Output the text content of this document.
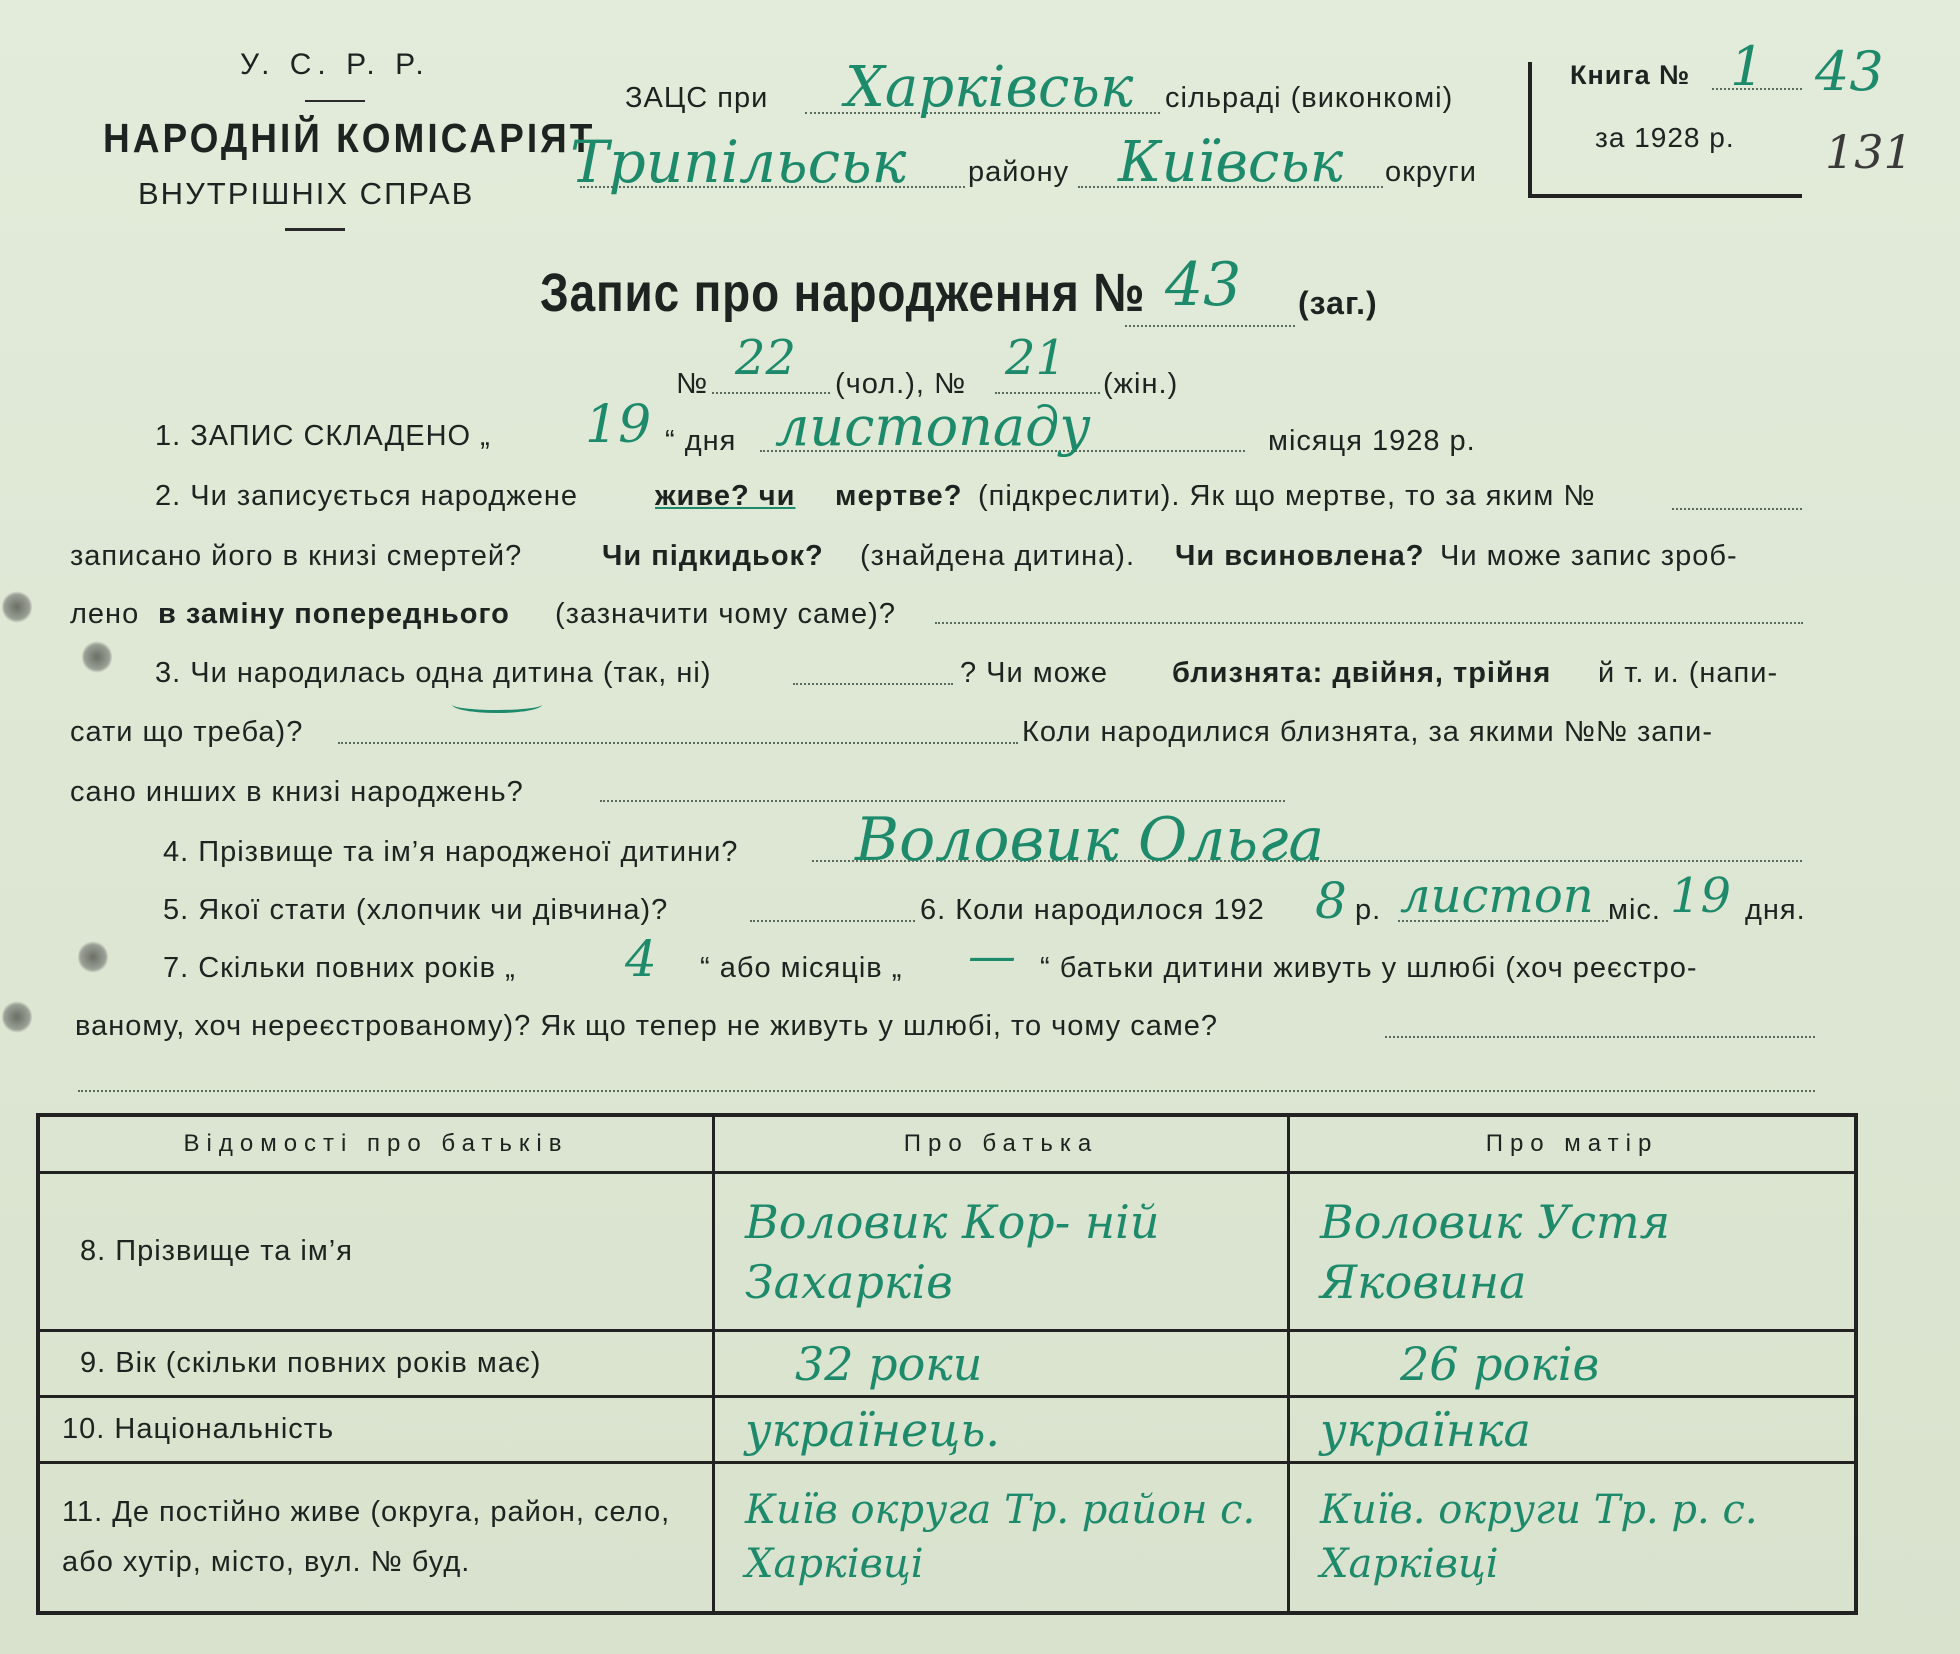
У. С. Р. Р.
НАРОДНІЙ КОМІСАРІЯТ
ВНУТРІШНІХ СПРАВ
ЗАЦС при Харківськ сільраді (виконкомі)
Трипільськ району Київськ округи
Книга № 1 43
за 1928 р. 131
Запис про народження № 43 (заг.)
№ 22 (чол.), № 21 (жін.)
1. ЗАПИС СКЛАДЕНО „ 19 “ дня листопаду	місяця 1928 р.
2. Чи записується народжене	живе? чи мертве? (підкреслити). Як що мертве, то за яким №
записано його в книзі смертей?	Чи підкидьок? (знайдена дитина). Чи всиновлена? Чи може запис зроб-
лено в заміну попереднього (зазначити чому саме)?
3. Чи народилась одна дитина (так, ні)	? Чи може близнята: двійня, трійня й т. и. (напи-
сати що треба)?	Коли народилися близнята, за якими №№ запи-
сано инших в книзі народжень?
4. Прізвище та ім’я народженої дитини? Воловик Ольга
5. Якої стати (хлопчик чи дівчина)?	6. Коли народилося 192 8 р. листоп міс. 19 дня.
7. Скільки повних років „ 4 “ або місяців „ — “ батьки дитини живуть у шлюбі (хоч реєстро-
ваному, хоч нереєстрованому)? Як що тепер не живуть у шлюбі, то чому саме?
Відомості про батьків	Про батька	Про матір
8. Прізвище та ім’я	Воловик Кор- ній Захарків	Воловик Устя Яковина
9. Вік (скільки повних років має)	32 роки	26 років
10. Національність	українець.	українка
11. Де постійно живе (округа, район, село, або хутір, місто, вул. № буд.	Київ округа Тр. район с. Харківці	Київ. округи Тр. р. с. Харківці
